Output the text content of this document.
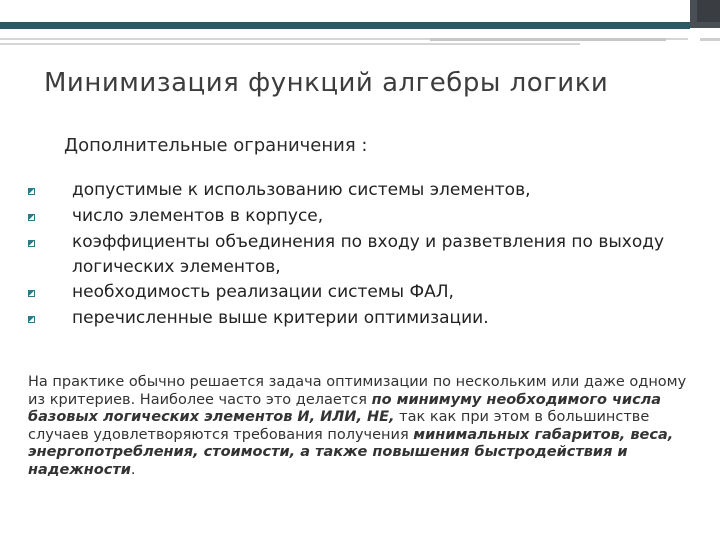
Минимизация функций алгебры логики
Дополнительные ограничения :
допустимые к использованию системы элементов,
число элементов в корпусе,
коэффициенты объединения по входу и разветвления по выходу логических элементов,
необходимость реализации системы ФАЛ,
перечисленные выше критерии оптимизации.
На практике обычно решается задача оптимизации по нескольким или даже одному из критериев. Наиболее часто это делается по минимуму необходимого числа базовых логических элементов И, ИЛИ, НЕ, так как при этом в большинстве случаев удовлетворяются требования получения минимальных габаритов, веса, энергопотребления, стоимости, а также повышения быстродействия и надежности.
